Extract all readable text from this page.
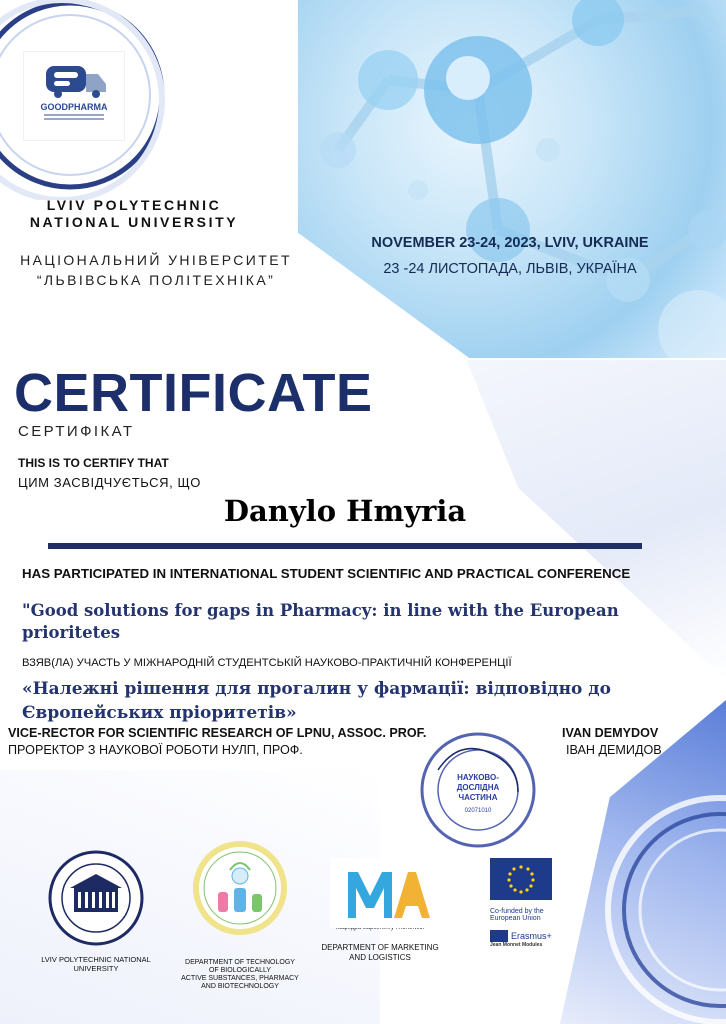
GOODPHARMA
LVIV POLYTECHNIC NATIONAL UNIVERSITY
НАЦІОНАЛЬНИЙ УНІВЕРСИТЕТ “ЛЬВІВСЬКА ПОЛІТЕХНІКА”
NOVEMBER 23-24, 2023, LVIV, UKRAINE
23 -24 ЛИСТОПАДА, ЛЬВІВ, УКРАЇНА
CERTIFICATE
СЕРТИФІКАТ
THIS IS TO CERTIFY THAT
ЦИМ ЗАСВІДЧУЄТЬСЯ, ЩО
Danylo Hmyria
HAS PARTICIPATED IN INTERNATIONAL STUDENT SCIENTIFIC AND PRACTICAL CONFERENCE
"Good solutions for gaps in Pharmacy: in line with the European prioritetes
ВЗЯВ(ЛА) УЧАСТЬ У МІЖНАРОДНІЙ СТУДЕНТСЬКІЙ НАУКОВО-ПРАКТИЧНІЙ КОНФЕРЕНЦІЇ
«Належні рішення для прогалин у фармації: відповідно до Європейських пріоритетів»
VICE-RECTOR FOR SCIENTIFIC RESEARCH OF LPNU, ASSOC. PROF.
ПРОРЕКТОР З НАУКОВОЇ РОБОТИ НУЛП, ПРОФ.
IVAN DEMYDOV
ІВАН ДЕМИДОВ
НАУКОВО-
ДОСЛІДНА
ЧАСТИНА
02071010
LVIV POLYTECHNIC NATIONAL UNIVERSITY
DEPARTMENT OF TECHNOLOGY
OF BIOLOGICALLY
ACTIVE SUBSTANCES, PHARMACY
AND BIOTECHNOLOGY
DEPARTMENT OF MARKETING
AND LOGISTICS
Co-funded by the
European Union
Erasmus+
Jean Monnet Modules
